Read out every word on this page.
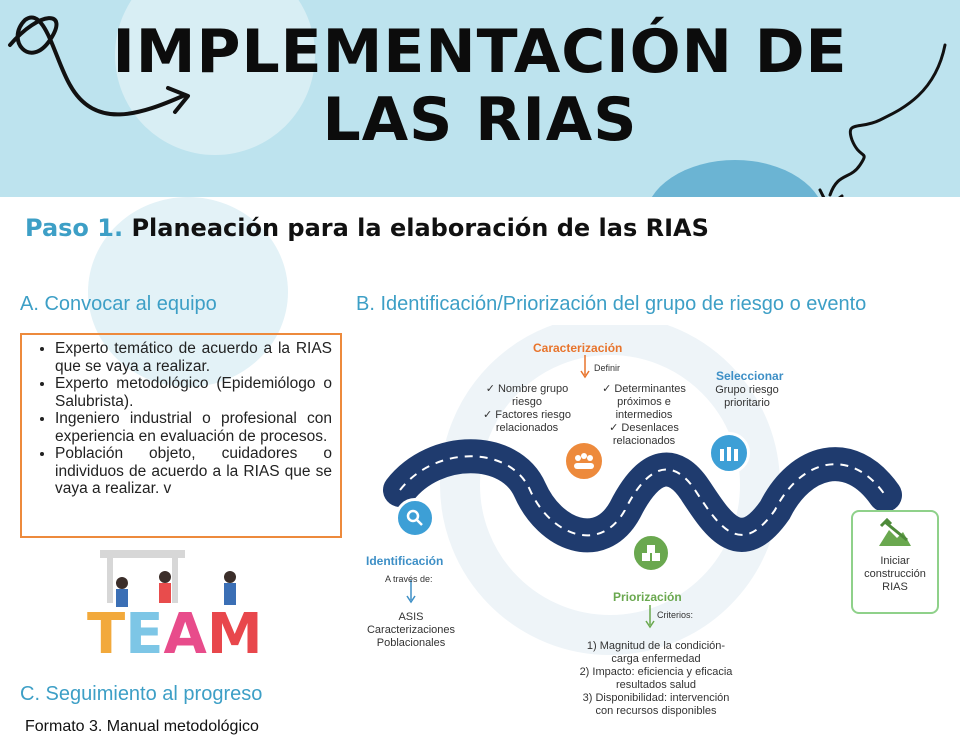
IMPLEMENTACIÓN DE
LAS RIAS
Paso 1. Planeación para la elaboración de las RIAS
A. Convocar al equipo
• Experto temático de acuerdo a la RIAS que se vaya a realizar.
• Experto metodológico (Epidemiólogo o Salubrista).
• Ingeniero industrial o profesional con experiencia en evaluación de procesos.
• Población objeto, cuidadores o individuos de acuerdo a la RIAS que se vaya a realizar. v
TEAM
C. Seguimiento al progreso
Formato 3. Manual metodológico
B. Identificación/Priorización del grupo de riesgo o evento
Caracterización
Definir
✓ Nombre grupo
riesgo
✓ Factores riesgo
relacionados
✓ Determinantes
próximos e
intermedios
✓ Desenlaces
relacionados
Seleccionar
Grupo riesgo
prioritario
Identificación
A través de:
ASIS
Caracterizaciones
Poblacionales
Priorización
Criterios:
1) Magnitud de la condición-
carga enfermedad
2) Impacto: eficiencia y eficacia
resultados salud
3) Disponibilidad: intervención
con recursos disponibles
Iniciar
construcción
RIAS
